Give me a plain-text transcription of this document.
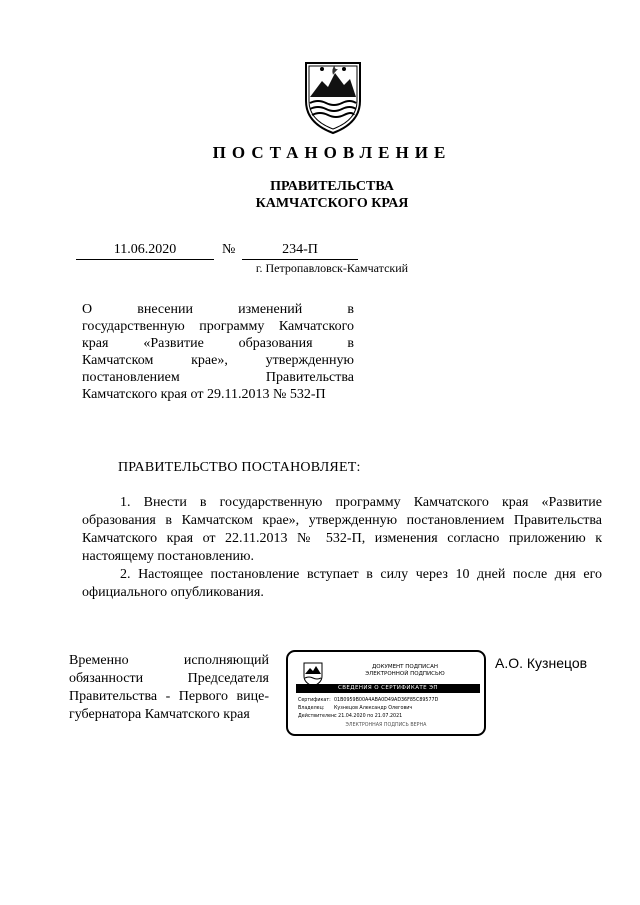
ПОСТАНОВЛЕНИЕ
ПРАВИТЕЛЬСТВА
КАМЧАТСКОГО КРАЯ
11.06.2020	№	234-П
г. Петропавловск-Камчатский
О внесении изменений в
государственную программу Камчатского
края «Развитие образования в
Камчатском крае», утвержденную
постановлением Правительства
Камчатского края от 29.11.2013 № 532-П
ПРАВИТЕЛЬСТВО ПОСТАНОВЛЯЕТ:
1. Внести в государственную программу Камчатского края «Развитие образования в Камчатском крае», утвержденную постановлением Правительства Камчатского края от 22.11.2013 № 532-П, изменения согласно приложению к настоящему постановлению.
2. Настоящее постановление вступает в силу через 10 дней после дня его официального опубликования.
Временно исполняющий
обязанности Председателя
Правительства - Первого вице-
губернатора Камчатского края
ДОКУМЕНТ ПОДПИСАН
ЭЛЕКТРОННОЙ ПОДПИСЬЮ
СВЕДЕНИЯ О СЕРТИФИКАТЕ ЭП
Сертификат: 01B0959B00A4ABA0D49AD36F85C89577D
Владелец: Кузнецов Александр Олегович
Действителен:с 21.04.2020 по 21.07.2021
ЭЛЕКТРОННАЯ ПОДПИСЬ ВЕРНА
А.О. Кузнецов
